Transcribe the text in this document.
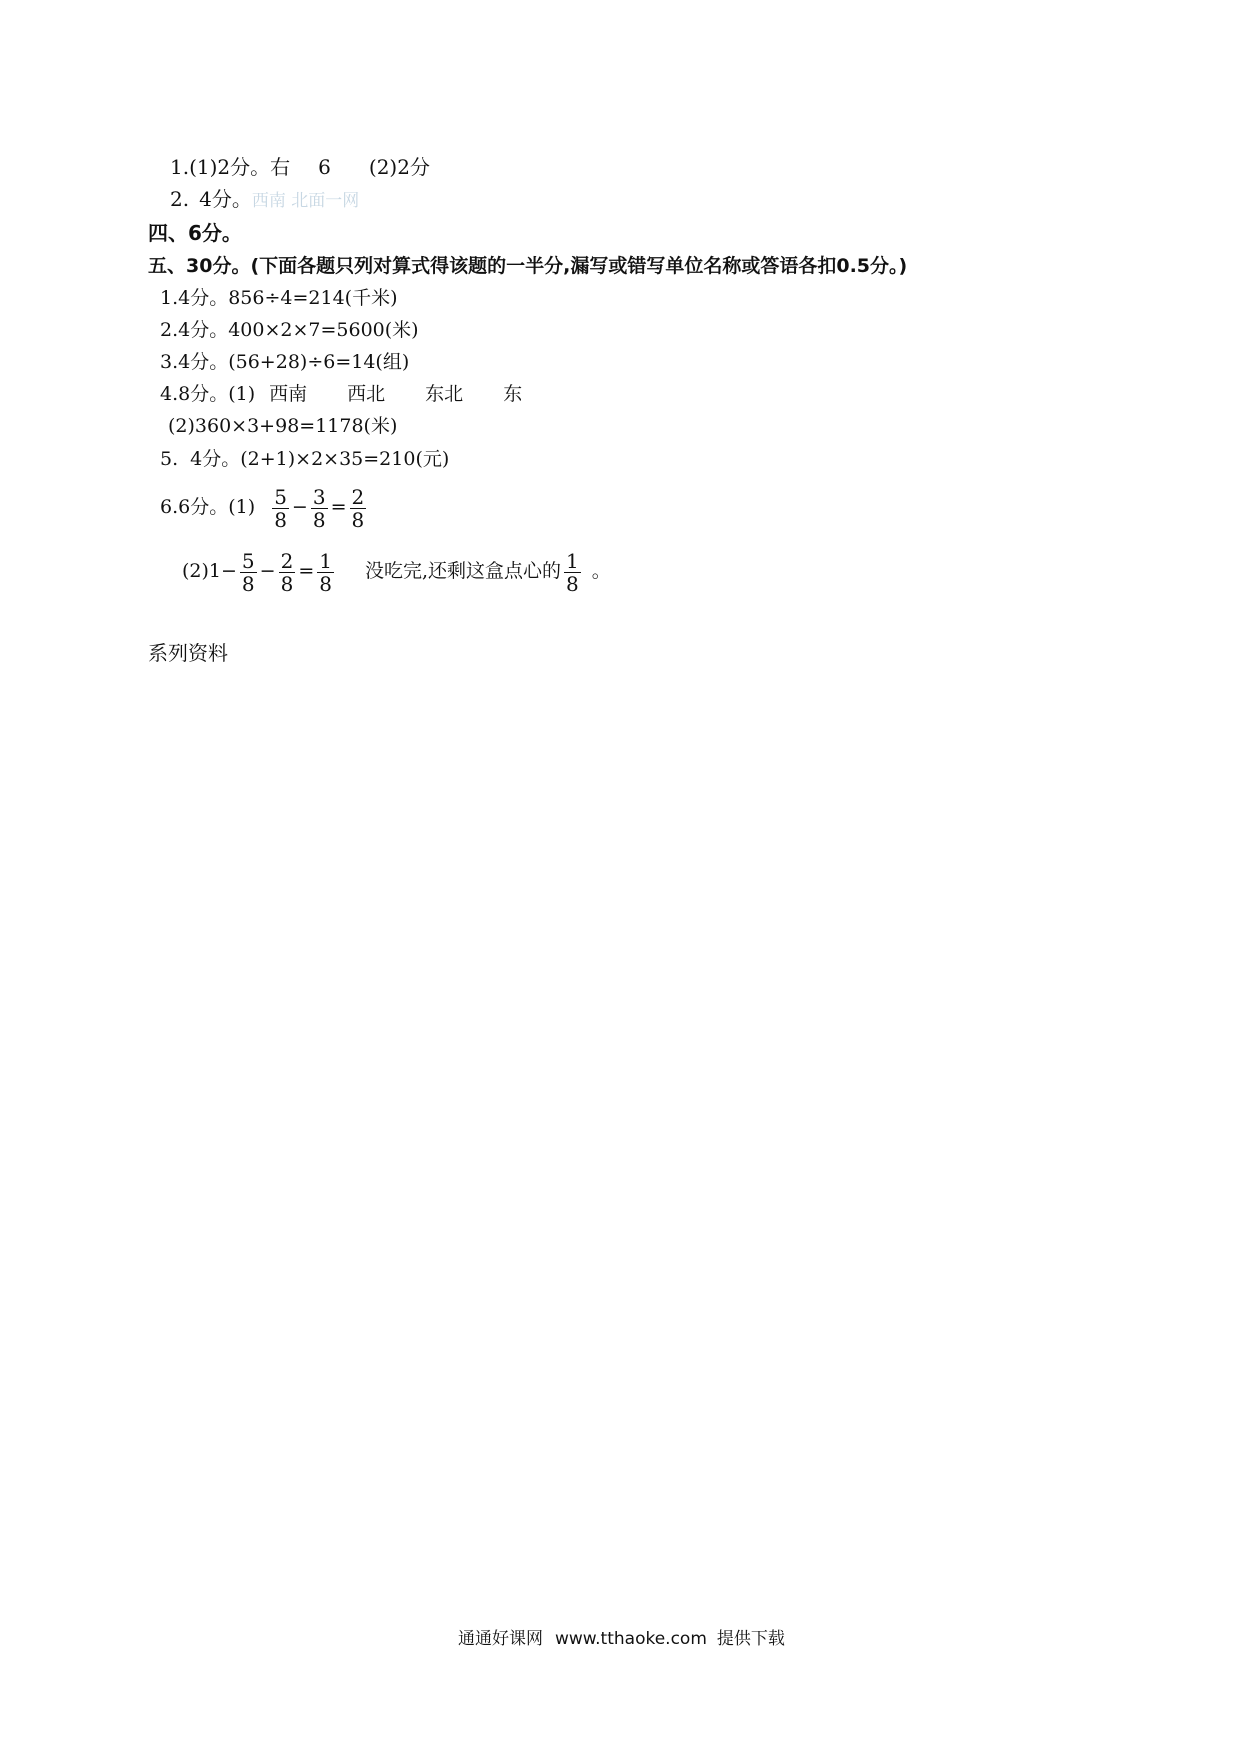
1.(1)2分。右 6 (2)2分
2. 4分。西南 北面一网
四、6分。
五、30分。(下面各题只列对算式得该题的一半分,漏写或错写单位名称或答语各扣0.5分。)
1.4分。856÷4=214(千米)
2.4分。400×2×7=5600(米)
3.4分。(56+28)÷6=14(组)
4.8分。(1) 西南 西北 东北 东
(2)360×3+98=1178(米)
5. 4分。(2+1)×2×35=210(元)
6.6分。$(1) \frac{5}{8} - \frac{3}{8} = \frac{2}{8}$
$(2)1- \frac{5}{8} - \frac{2}{8} = \frac{1}{8}$ 没吃完,还剩这盒点心的 $\frac{1}{8}$ 。
系列资料
通通好课网 www.tthaoke.com 提供下载
